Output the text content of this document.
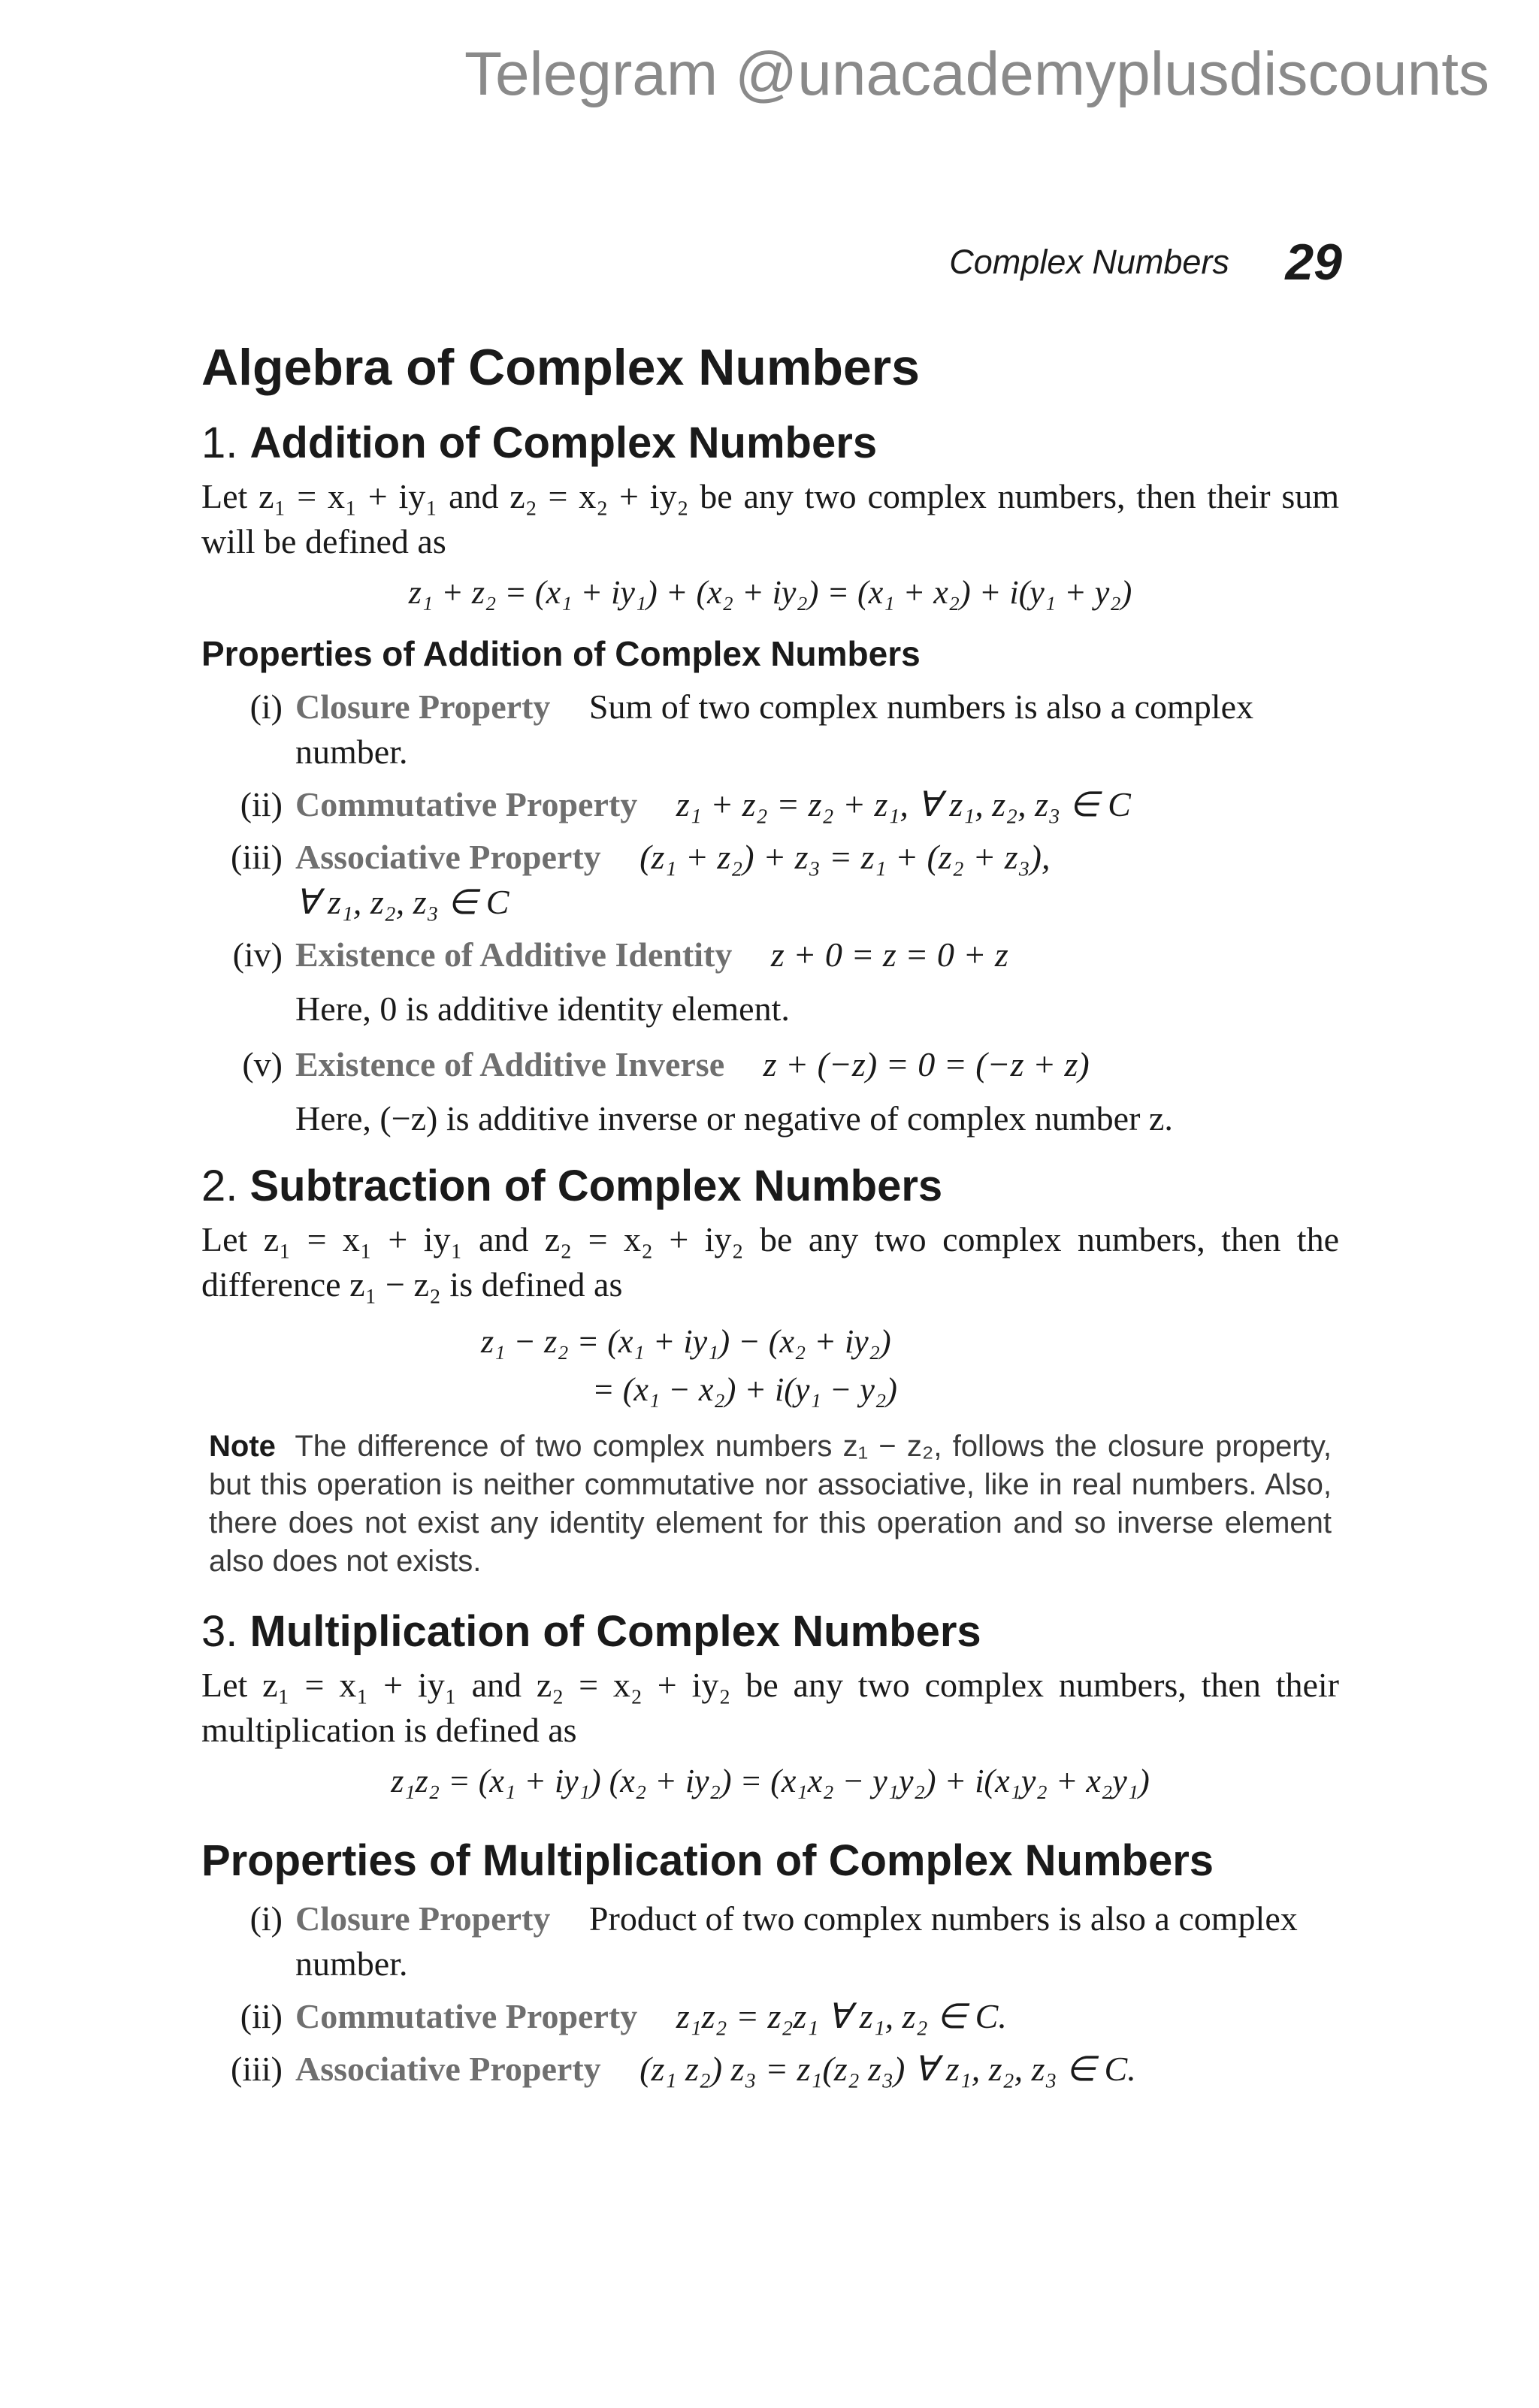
Telegram @unacademyplusdiscounts
Complex Numbers 29
Algebra of Complex Numbers
1. Addition of Complex Numbers

Let z₁ = x₁ + iy₁ and z₂ = x₂ + iy₂ be any two complex numbers, then their sum will be defined as

z₁ + z₂ = (x₁ + iy₁) + (x₂ + iy₂) = (x₁ + x₂) + i(y₁ + y₂)
Properties of Addition of Complex Numbers
(i) Closure Property Sum of two complex numbers is also a complex number.
(ii) Commutative Property z₁ + z₂ = z₂ + z₁, ∀ z₁, z₂, z₃ ∈ C
(iii) Associative Property (z₁ + z₂) + z₃ = z₁ + (z₂ + z₃),
∀ z₁, z₂, z₃ ∈ C
(iv) Existence of Additive Identity z + 0 = z = 0 + z
Here, 0 is additive identity element.
(v) Existence of Additive Inverse z + (−z) = 0 = (−z + z)
Here, (−z) is additive inverse or negative of complex number z.
2. Subtraction of Complex Numbers

Let z₁ = x₁ + iy₁ and z₂ = x₂ + iy₂ be any two complex numbers, then the difference z₁ − z₂ is defined as

z₁ − z₂ = (x₁ + iy₁) − (x₂ + iy₂)
= (x₁ − x₂) + i(y₁ − y₂)
Note The difference of two complex numbers z₁ − z₂, follows the closure property, but this operation is neither commutative nor associative, like in real numbers. Also, there does not exist any identity element for this operation and so inverse element also does not exists.
3. Multiplication of Complex Numbers

Let z₁ = x₁ + iy₁ and z₂ = x₂ + iy₂ be any two complex numbers, then their multiplication is defined as

z₁z₂ = (x₁ + iy₁) (x₂ + iy₂) = (x₁x₂ − y₁y₂) + i(x₁y₂ + x₂y₁)
Properties of Multiplication of Complex Numbers
(i) Closure Property Product of two complex numbers is also a complex number.
(ii) Commutative Property z₁z₂ = z₂z₁ ∀ z₁, z₂ ∈ C.
(iii) Associative Property (z₁ z₂) z₃ = z₁(z₂ z₃) ∀ z₁, z₂, z₃ ∈ C.
